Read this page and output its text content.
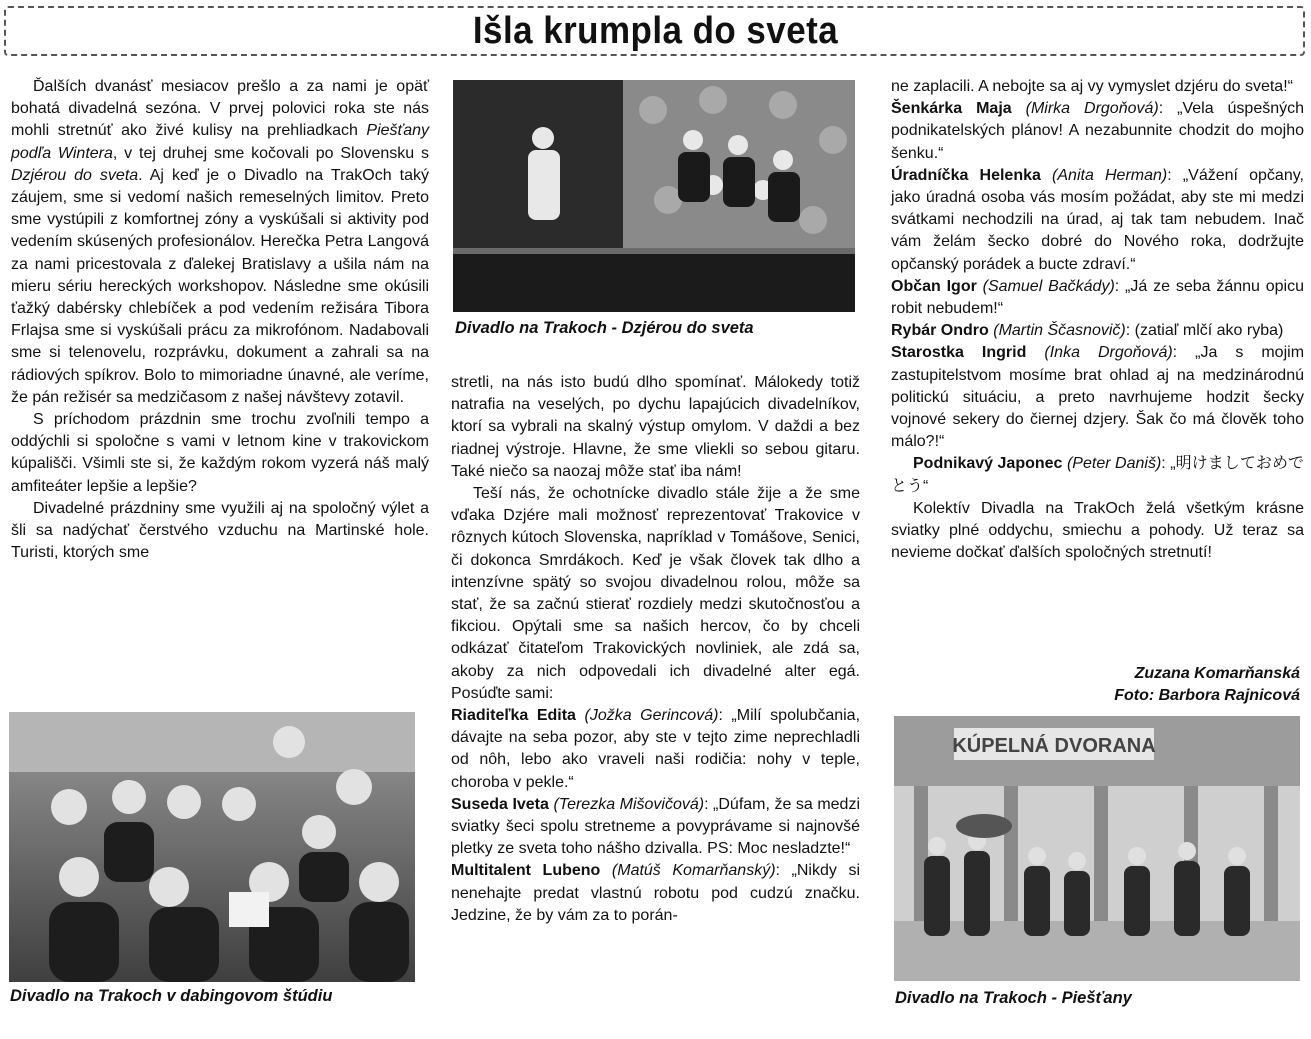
Išla krumpla do sveta

Ďalších dvanásť mesiacov prešlo a za nami je opäť bohatá divadelná sezóna. V prvej polovici roka ste nás mohli stretnúť ako živé kulisy na prehliadkach Piešťany podľa Wintera, v tej druhej sme kočovali po Slovensku s Dzjérou do sveta. Aj keď je o Divadlo na TrakOch taký záujem, sme si vedomí našich remeselných limitov. Preto sme vystúpili z komfortnej zóny a vyskúšali si aktivity pod vedením skúsených profesionálov. Herečka Petra Langová za nami pricestovala z ďalekej Bratislavy a ušila nám na mieru sériu hereckých workshopov. Následne sme okúsili ťažký dabérsky chlebíček a pod vedením režisára Tibora Frlajsa sme si vyskúšali prácu za mikrofónom. Nadabovali sme si telenovelu, rozprávku, dokument a zahrali sa na rádiových spíkrov. Bolo to mimoriadne únavné, ale veríme, že pán režisér sa medzičasom z našej návštevy zotavil.

S príchodom prázdnin sme trochu zvoľnili tempo a oddýchli si spoločne s vami v letnom kine v trakovickom kúpališči. Všimli ste si, že každým rokom vyzerá náš malý amfiteáter lepšie a lepšie?

Divadelné prázdniny sme využili aj na spoločný výlet a šli sa nadýchať čerstvého vzduchu na Martinské hole. Turisti, ktorých sme

Divadlo na Trakoch v dabingovom štúdiu
Divadlo na Trakoch - Dzjérou do sveta

stretli, na nás isto budú dlho spomínať. Málokedy totiž natrafia na veselých, po dychu lapajúcich divadelníkov, ktorí sa vybrali na skalný výstup omylom. V daždi a bez riadnej výstroje. Hlavne, že sme vliekli so sebou gitaru. Také niečo sa naozaj môže stať iba nám!

Teší nás, že ochotnícke divadlo stále žije a že sme vďaka Dzjére mali možnosť reprezentovať Trakovice v rôznych kútoch Slovenska, napríklad v Tomášove, Senici, či dokonca Smrdákoch. Keď je však človek tak dlho a intenzívne spätý so svojou divadelnou rolou, môže sa stať, že sa začnú stierať rozdiely medzi skutočnosťou a fikciou. Opýtali sme sa našich hercov, čo by chceli odkázať čitateľom Trakovických novliniek, ale zdá sa, akoby za nich odpovedali ich divadelné alter egá. Posúďte sami:

Riaditeľka Edita (Jožka Gerincová): „Milí spolubčania, dávajte na seba pozor, aby ste v tejto zime neprechladli od nôh, lebo ako vraveli naši rodičia: nohy v teple, choroba v pekle.“

Suseda Iveta (Terezka Mišovičová): „Dúfam, že sa medzi sviatky šeci spolu stretneme a povyprávame si najnovšé pletky ze sveta toho nášho dzivalla. PS: Moc nesladzte!“

Multitalent Lubeno (Matúš Komarňanský): „Nikdy si nenehajte predat vlastnú robotu pod cudzú značku. Jedzine, že by vám za to porán-

ne zaplacili. A nebojte sa aj vy vymyslet dzjéru do sveta!“

Šenkárka Maja (Mirka Drgoňová): „Vela úspešných podnikatelských plánov! A nezabunnite chodzit do mojho šenku.“

Úradníčka Helenka (Anita Herman): „Vážení opčany, jako úradná osoba vás mosím požádat, aby ste mi medzi svátkami nechodzili na úrad, aj tak tam nebudem. Inač vám želám šecko dobré do Nového roka, dodržujte opčanský porádek a bucte zdraví.“

Občan Igor (Samuel Bačkády): „Já ze seba žánnu opicu robit nebudem!“

Rybár Ondro (Martin Ščasnovič): (zatiaľ mlčí ako ryba)

Starostka Ingrid (Inka Drgoňová): „Ja s mojim zastupitelstvom mosíme brat ohlad aj na medzinárodnú politickú situáciu, a preto navrhujeme hodzit šecky vojnové sekery do čiernej dzjery. Šak čo má člověk toho málo?!“

Podnikavý Japonec (Peter Daniš): „明けましておめでとう“

Kolektív Divadla na TrakOch želá všetkým krásne sviatky plné oddychu, smiechu a pohody. Už teraz sa nevieme dočkať ďalších spoločných stretnutí!

Zuzana Komarňanská
Foto: Barbora Rajnicová
KÚPELNÁ DVORANA
Divadlo na Trakoch - Piešťany
